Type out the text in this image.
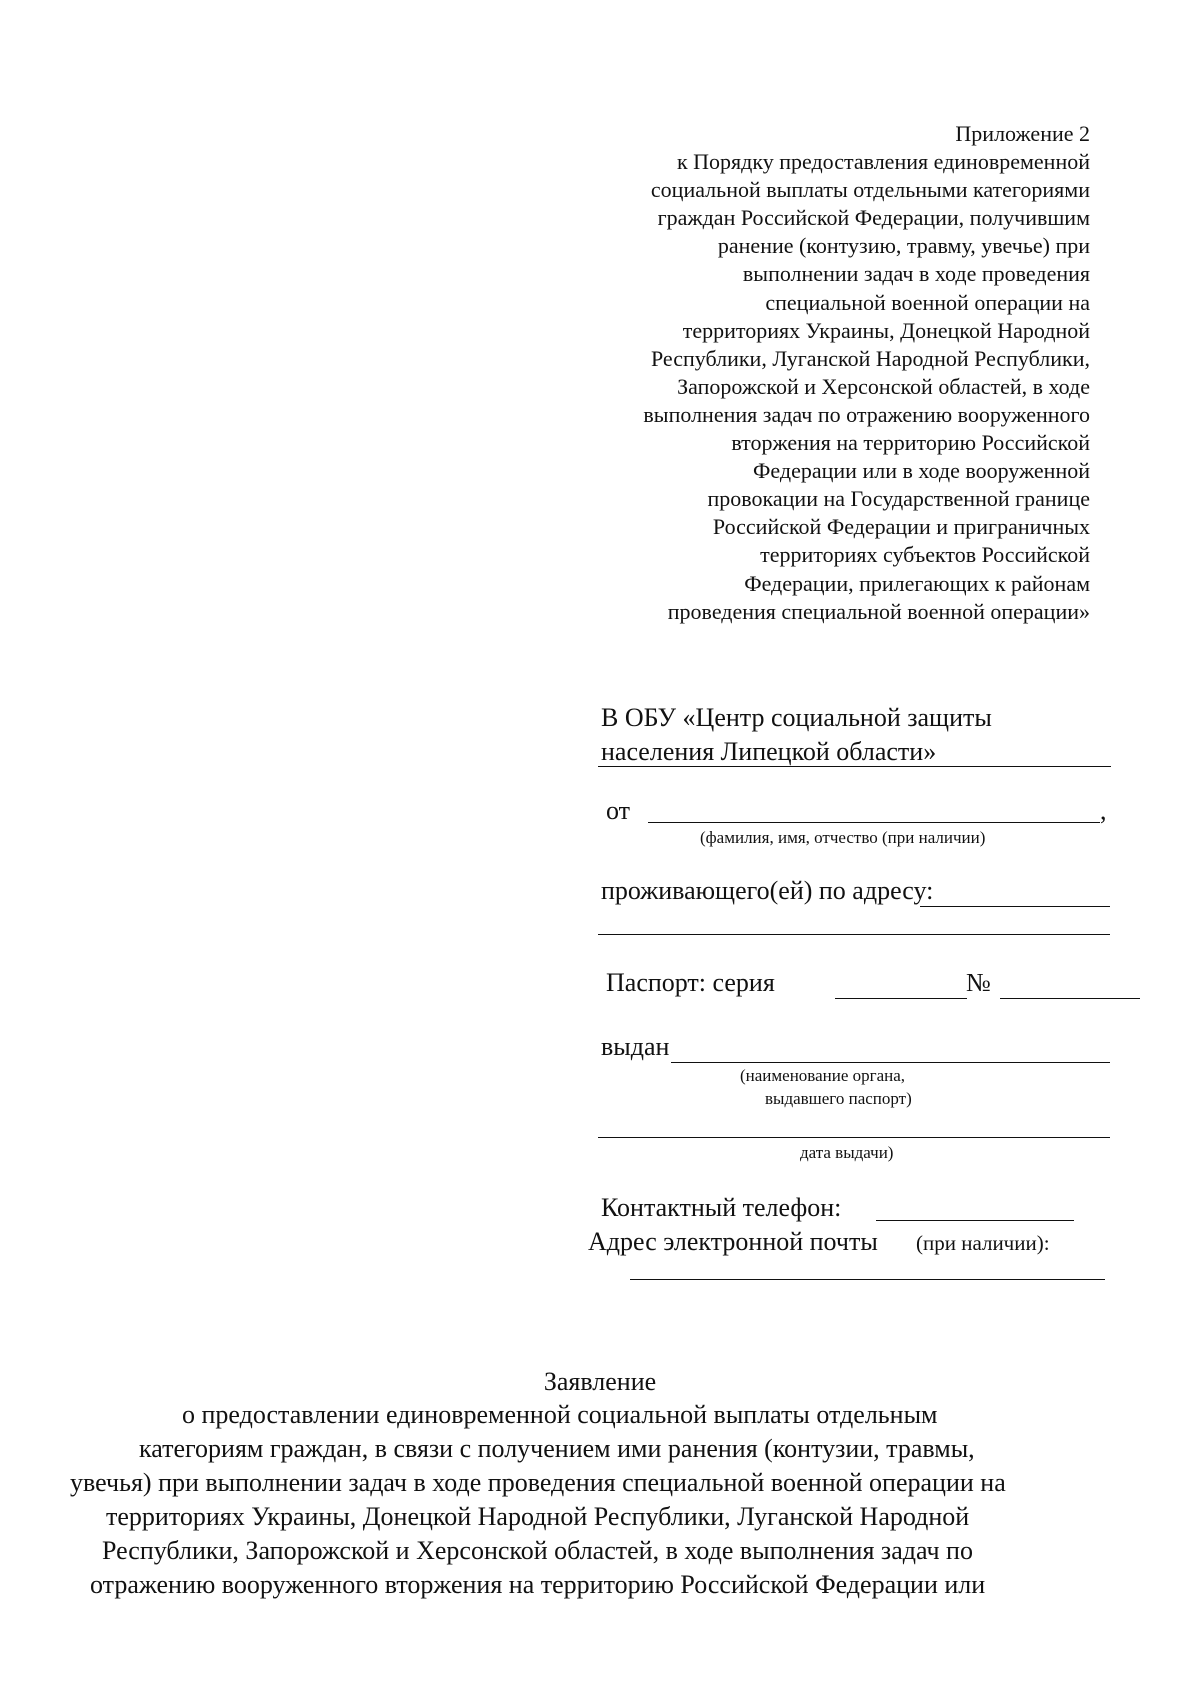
Приложение 2
к Порядку предоставления единовременной
социальной выплаты отдельными категориями
граждан Российской Федерации, получившим
ранение (контузию, травму, увечье) при
выполнении задач в ходе проведения
специальной военной операции на
территориях Украины, Донецкой Народной
Республики, Луганской Народной Республики,
Запорожской и Херсонской областей, в ходе
выполнения задач по отражению вооруженного
вторжения на территорию Российской
Федерации или в ходе вооруженной
провокации на Государственной границе
Российской Федерации и приграничных
территориях субъектов Российской
Федерации, прилегающих к районам
проведения специальной военной операции»
В ОБУ «Центр социальной защиты
населения Липецкой области»
от	,
(фамилия, имя, отчество (при наличии)
проживающего(ей) по адресу:
Паспорт: серия	№
выдан
(наименование органа,
выдавшего паспорт)
дата выдачи)
Контактный телефон:
Адрес электронной почты (при наличии):
Заявление
о предоставлении единовременной социальной выплаты отдельным
категориям граждан, в связи с получением ими ранения (контузии, травмы,
увечья) при выполнении задач в ходе проведения специальной военной операции на
территориях Украины, Донецкой Народной Республики, Луганской Народной
Республики, Запорожской и Херсонской областей, в ходе выполнения задач по
отражению вооруженного вторжения на территорию Российской Федерации или
